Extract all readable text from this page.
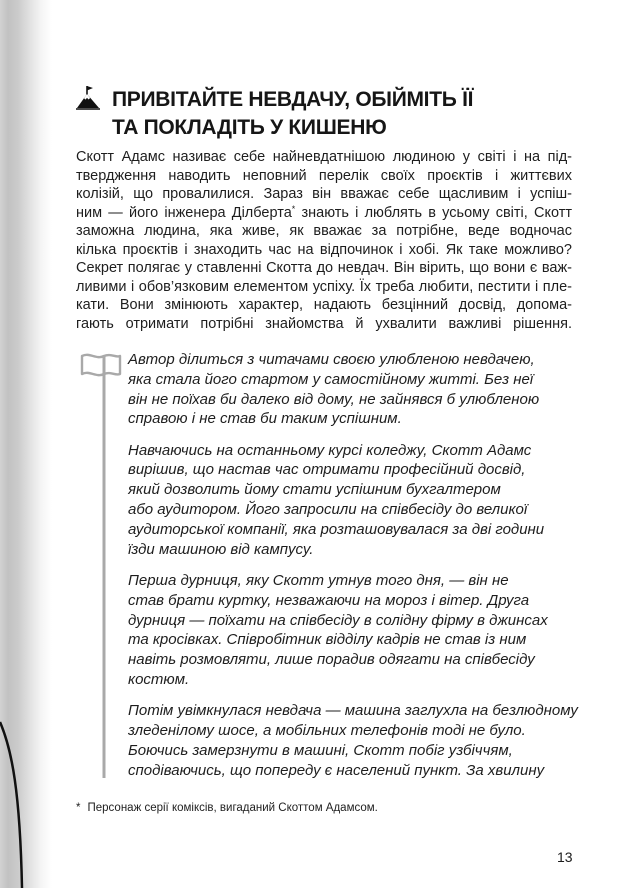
ПРИВІТАЙТЕ НЕВДАЧУ, ОБІЙМІТЬ ЇЇ
ТА ПОКЛАДІТЬ У КИШЕНЮ
Скотт Адамс називає себе найневдатнішою людиною у світі і на під-
твердження наводить неповний перелік своїх проєктів і життєвих
колізій, що провалилися. Зараз він вважає себе щасливим і успіш-
ним — його інженера Ділберта* знають і люблять в усьому світі, Скотт
заможна людина, яка живе, як вважає за потрібне, веде водночас
кілька проєктів і знаходить час на відпочинок і хобі. Як таке можливо?
Секрет полягає у ставленні Скотта до невдач. Він вірить, що вони є важ-
ливими і обов’язковим елементом успіху. Їх треба любити, пестити і пле-
кати. Вони змінюють характер, надають безцінний досвід, допома-
гають отримати потрібні знайомства й ухвалити важливі рішення.
Автор ділиться з читачами своєю улюбленою невдачею,
яка стала його стартом у самостійному житті. Без неї
він не поїхав би далеко від дому, не зайнявся б улюбленою
справою і не став би таким успішним.
Навчаючись на останньому курсі коледжу, Скотт Адамс
вирішив, що настав час отримати професійний досвід,
який дозволить йому стати успішним бухгалтером
або аудитором. Його запросили на співбесіду до великої
аудиторської компанії, яка розташовувалася за дві години
їзди машиною від кампусу.
Перша дурниця, яку Скотт утнув того дня, — він не
став брати куртку, незважаючи на мороз і вітер. Друга
дурниця — поїхати на співбесіду в солідну фірму в джинсах
та кросівках. Співробітник відділу кадрів не став із ним
навіть розмовляти, лише порадив одягати на співбесіду
костюм.
Потім увімкнулася невдача — машина заглухла на безлюдному
зледенілому шосе, а мобільних телефонів тоді не було.
Боючись замерзнути в машині, Скотт побіг узбіччям,
сподіваючись, що попереду є населений пункт. За хвилину
* Персонаж серії коміксів, вигаданий Скоттом Адамсом.
13
